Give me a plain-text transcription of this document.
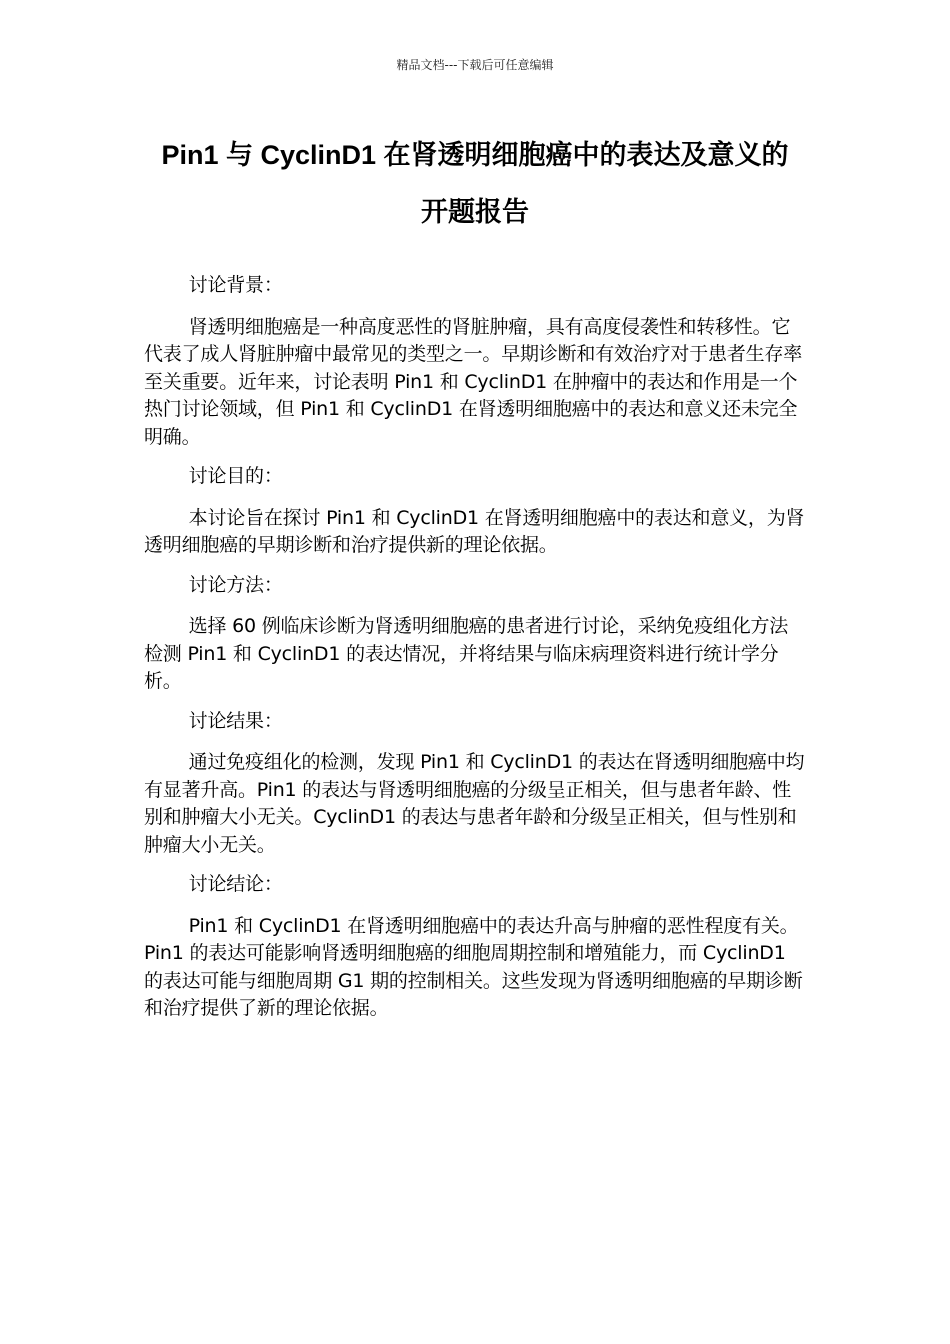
精品文档---下载后可任意编辑
Pin1 与 CyclinD1 在肾透明细胞癌中的表达及意义的
开题报告

讨论背景：

肾透明细胞癌是一种高度恶性的肾脏肿瘤，具有高度侵袭性和转移性。它代表了成人肾脏肿瘤中最常见的类型之一。早期诊断和有效治疗对于患者生存率至关重要。近年来，讨论表明 Pin1 和 CyclinD1 在肿瘤中的表达和作用是一个热门讨论领域，但 Pin1 和 CyclinD1 在肾透明细胞癌中的表达和意义还未完全明确。

讨论目的：

本讨论旨在探讨 Pin1 和 CyclinD1 在肾透明细胞癌中的表达和意义，为肾透明细胞癌的早期诊断和治疗提供新的理论依据。

讨论方法：

选择 60 例临床诊断为肾透明细胞癌的患者进行讨论，采纳免疫组化方法检测 Pin1 和 CyclinD1 的表达情况，并将结果与临床病理资料进行统计学分析。

讨论结果：

通过免疫组化的检测，发现 Pin1 和 CyclinD1 的表达在肾透明细胞癌中均有显著升高。Pin1 的表达与肾透明细胞癌的分级呈正相关，但与患者年龄、性别和肿瘤大小无关。CyclinD1 的表达与患者年龄和分级呈正相关，但与性别和肿瘤大小无关。

讨论结论：

Pin1 和 CyclinD1 在肾透明细胞癌中的表达升高与肿瘤的恶性程度有关。Pin1 的表达可能影响肾透明细胞癌的细胞周期控制和增殖能力，而 CyclinD1 的表达可能与细胞周期 G1 期的控制相关。这些发现为肾透明细胞癌的早期诊断和治疗提供了新的理论依据。
